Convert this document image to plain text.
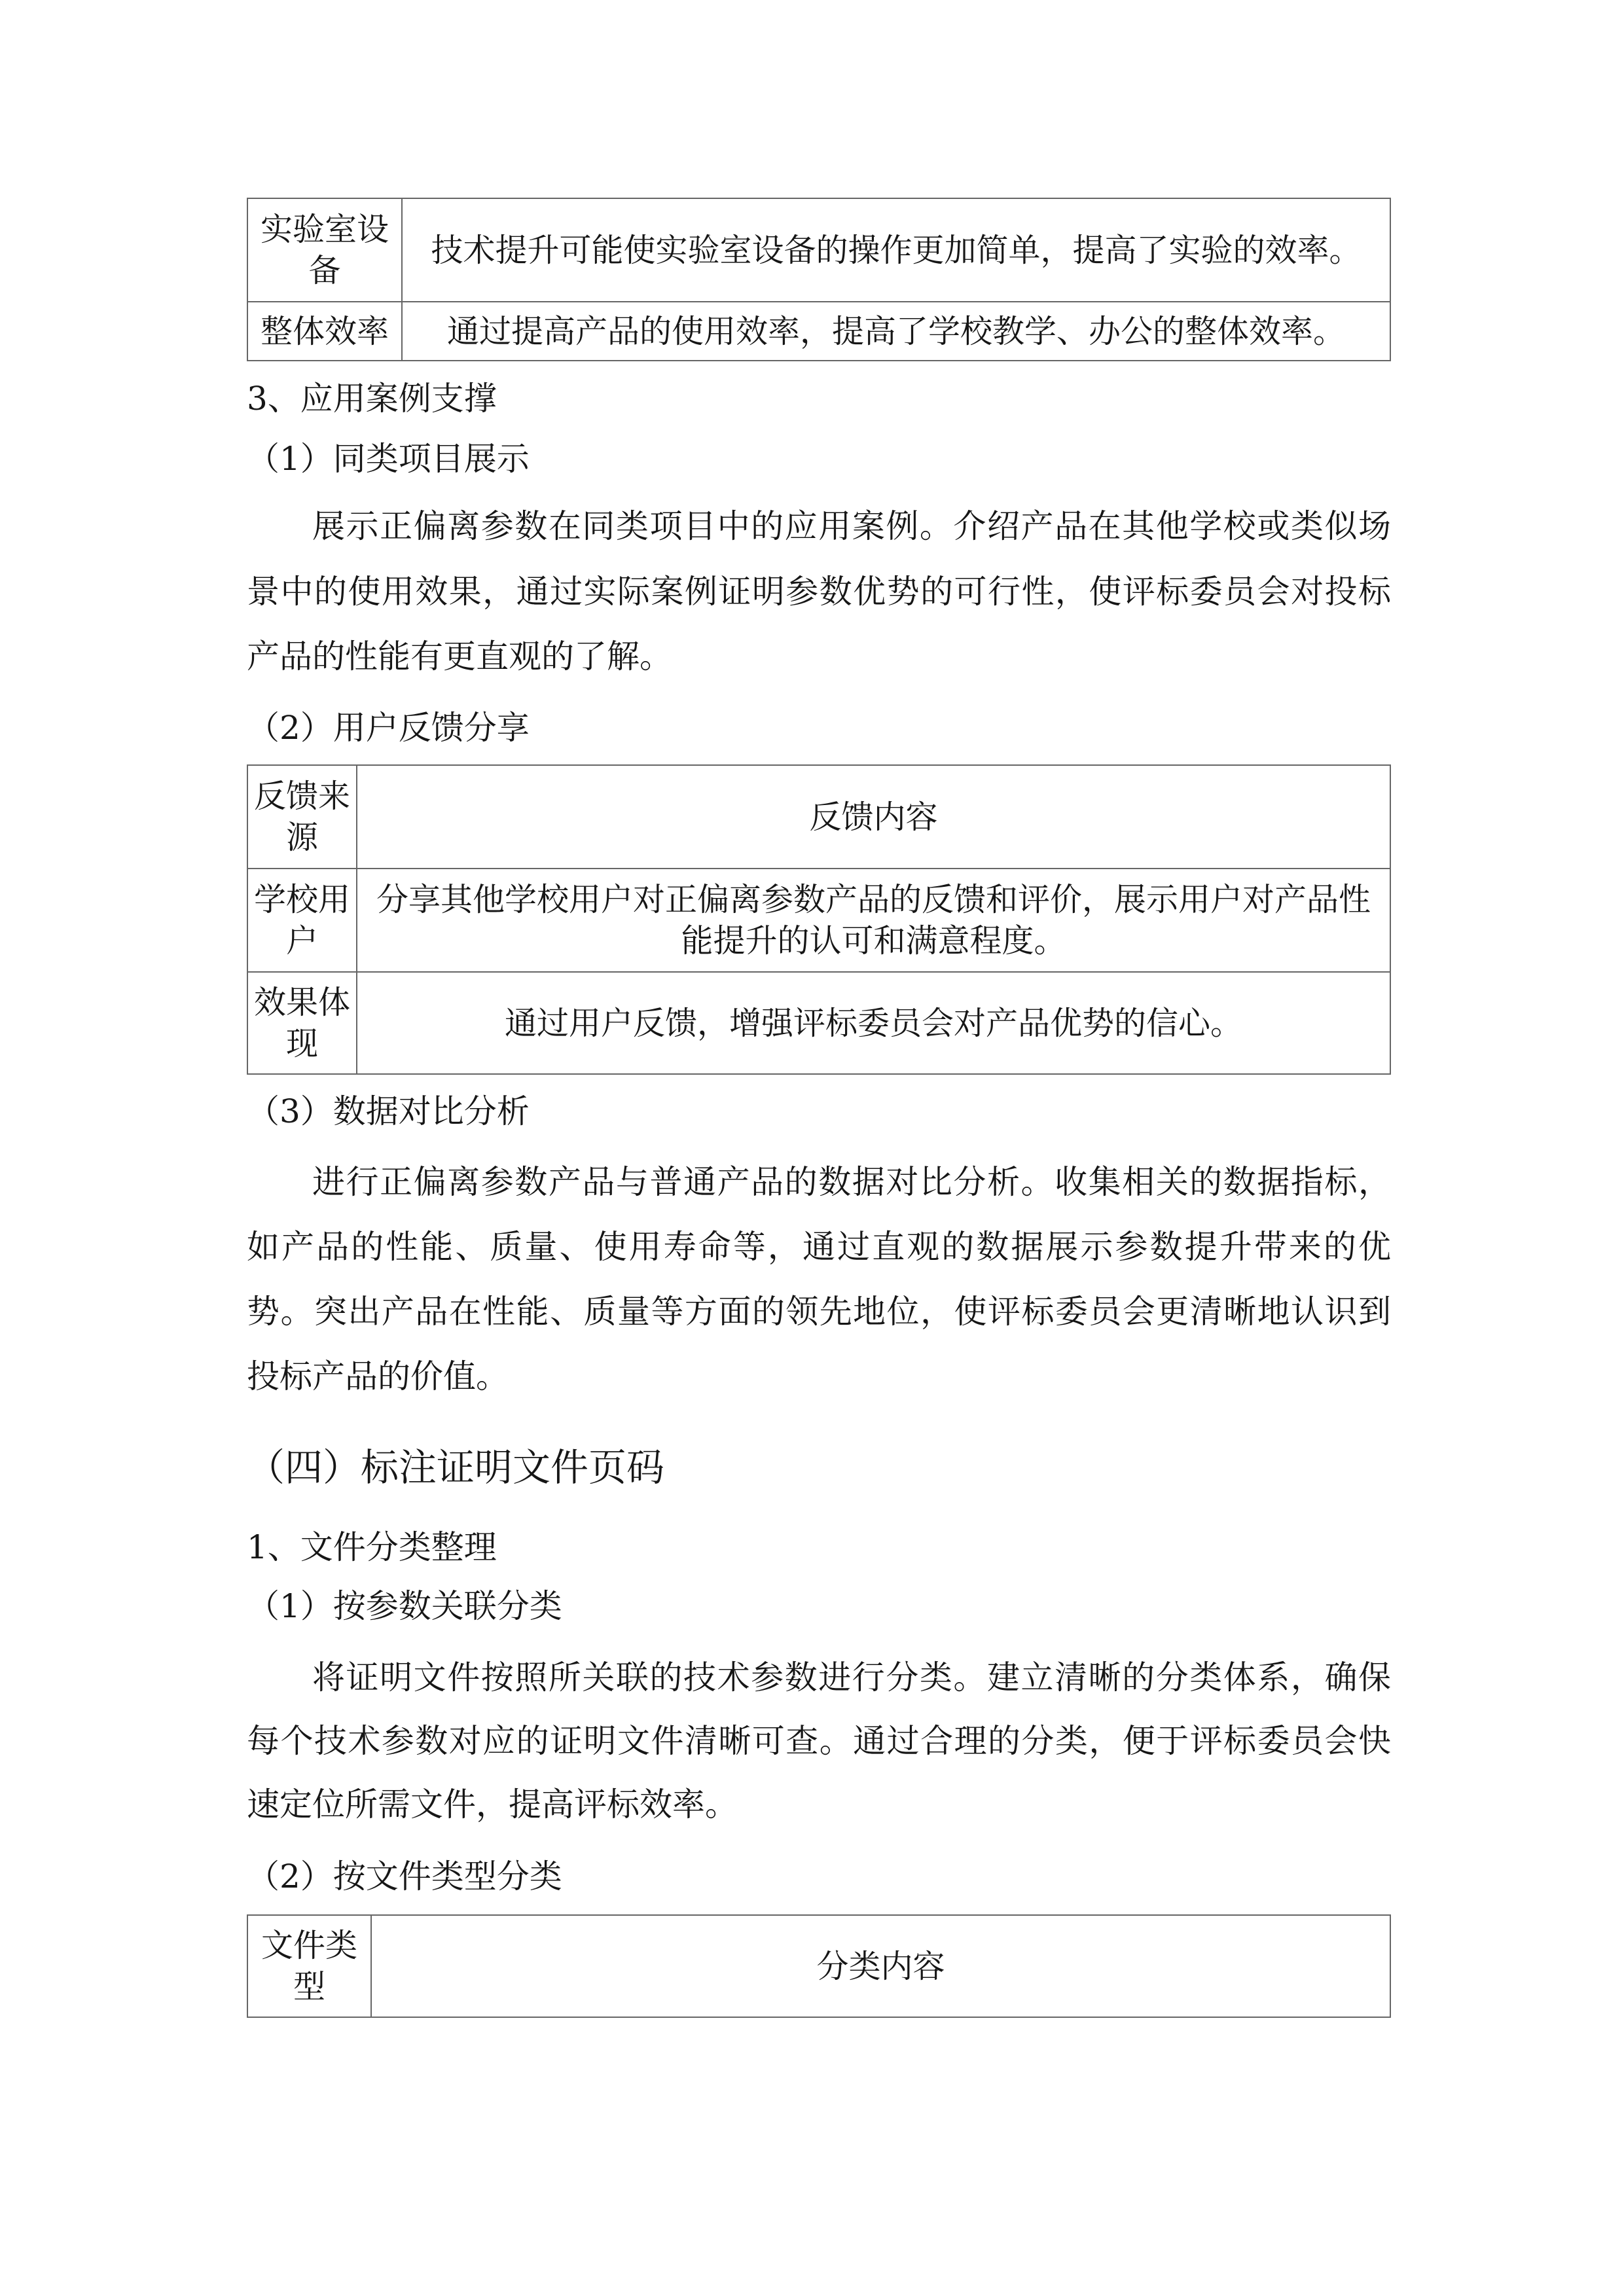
实验室设备	技术提升可能使实验室设备的操作更加简单，提高了实验的效率。
整体效率	通过提高产品的使用效率，提高了学校教学、办公的整体效率。
3、应用案例支撑
（1）同类项目展示
展示正偏离参数在同类项目中的应用案例。介绍产品在其他学校或类似场
景中的使用效果，通过实际案例证明参数优势的可行性，使评标委员会对投标
产品的性能有更直观的了解。
（2）用户反馈分享
反馈来源	反馈内容
学校用户	分享其他学校用户对正偏离参数产品的反馈和评价，展示用户对产品性能提升的认可和满意程度。
效果体现	通过用户反馈，增强评标委员会对产品优势的信心。
（3）数据对比分析
进行正偏离参数产品与普通产品的数据对比分析。收集相关的数据指标，
如产品的性能、质量、使用寿命等，通过直观的数据展示参数提升带来的优
势。突出产品在性能、质量等方面的领先地位，使评标委员会更清晰地认识到
投标产品的价值。
（四）标注证明文件页码
1、文件分类整理
（1）按参数关联分类
将证明文件按照所关联的技术参数进行分类。建立清晰的分类体系，确保
每个技术参数对应的证明文件清晰可查。通过合理的分类，便于评标委员会快
速定位所需文件，提高评标效率。
（2）按文件类型分类
文件类型	分类内容
